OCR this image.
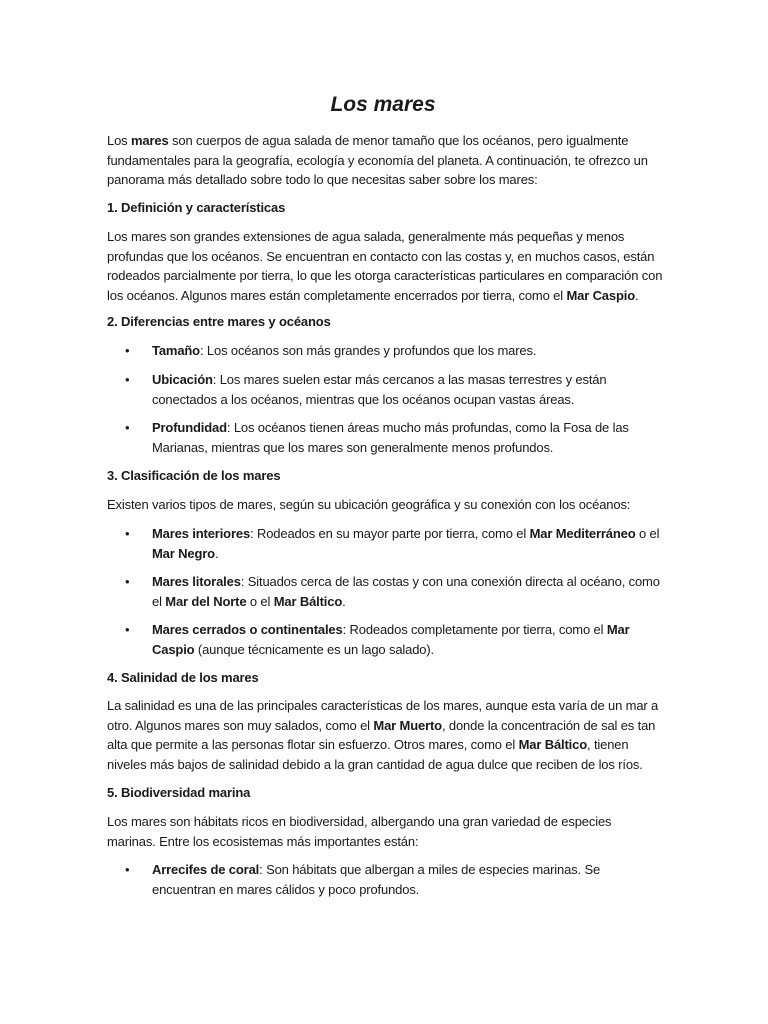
Los mares

Los mares son cuerpos de agua salada de menor tamaño que los océanos, pero igualmente fundamentales para la geografía, ecología y economía del planeta. A continuación, te ofrezco un panorama más detallado sobre todo lo que necesitas saber sobre los mares:

1. Definición y características

Los mares son grandes extensiones de agua salada, generalmente más pequeñas y menos profundas que los océanos. Se encuentran en contacto con las costas y, en muchos casos, están rodeados parcialmente por tierra, lo que les otorga características particulares en comparación con los océanos. Algunos mares están completamente encerrados por tierra, como el Mar Caspio.

2. Diferencias entre mares y océanos

• Tamaño: Los océanos son más grandes y profundos que los mares.
• Ubicación: Los mares suelen estar más cercanos a las masas terrestres y están conectados a los océanos, mientras que los océanos ocupan vastas áreas.
• Profundidad: Los océanos tienen áreas mucho más profundas, como la Fosa de las Marianas, mientras que los mares son generalmente menos profundos.

3. Clasificación de los mares

Existen varios tipos de mares, según su ubicación geográfica y su conexión con los océanos:

• Mares interiores: Rodeados en su mayor parte por tierra, como el Mar Mediterráneo o el Mar Negro.
• Mares litorales: Situados cerca de las costas y con una conexión directa al océano, como el Mar del Norte o el Mar Báltico.
• Mares cerrados o continentales: Rodeados completamente por tierra, como el Mar Caspio (aunque técnicamente es un lago salado).

4. Salinidad de los mares

La salinidad es una de las principales características de los mares, aunque esta varía de un mar a otro. Algunos mares son muy salados, como el Mar Muerto, donde la concentración de sal es tan alta que permite a las personas flotar sin esfuerzo. Otros mares, como el Mar Báltico, tienen niveles más bajos de salinidad debido a la gran cantidad de agua dulce que reciben de los ríos.

5. Biodiversidad marina

Los mares son hábitats ricos en biodiversidad, albergando una gran variedad de especies marinas. Entre los ecosistemas más importantes están:

• Arrecifes de coral: Son hábitats que albergan a miles de especies marinas. Se encuentran en mares cálidos y poco profundos.
